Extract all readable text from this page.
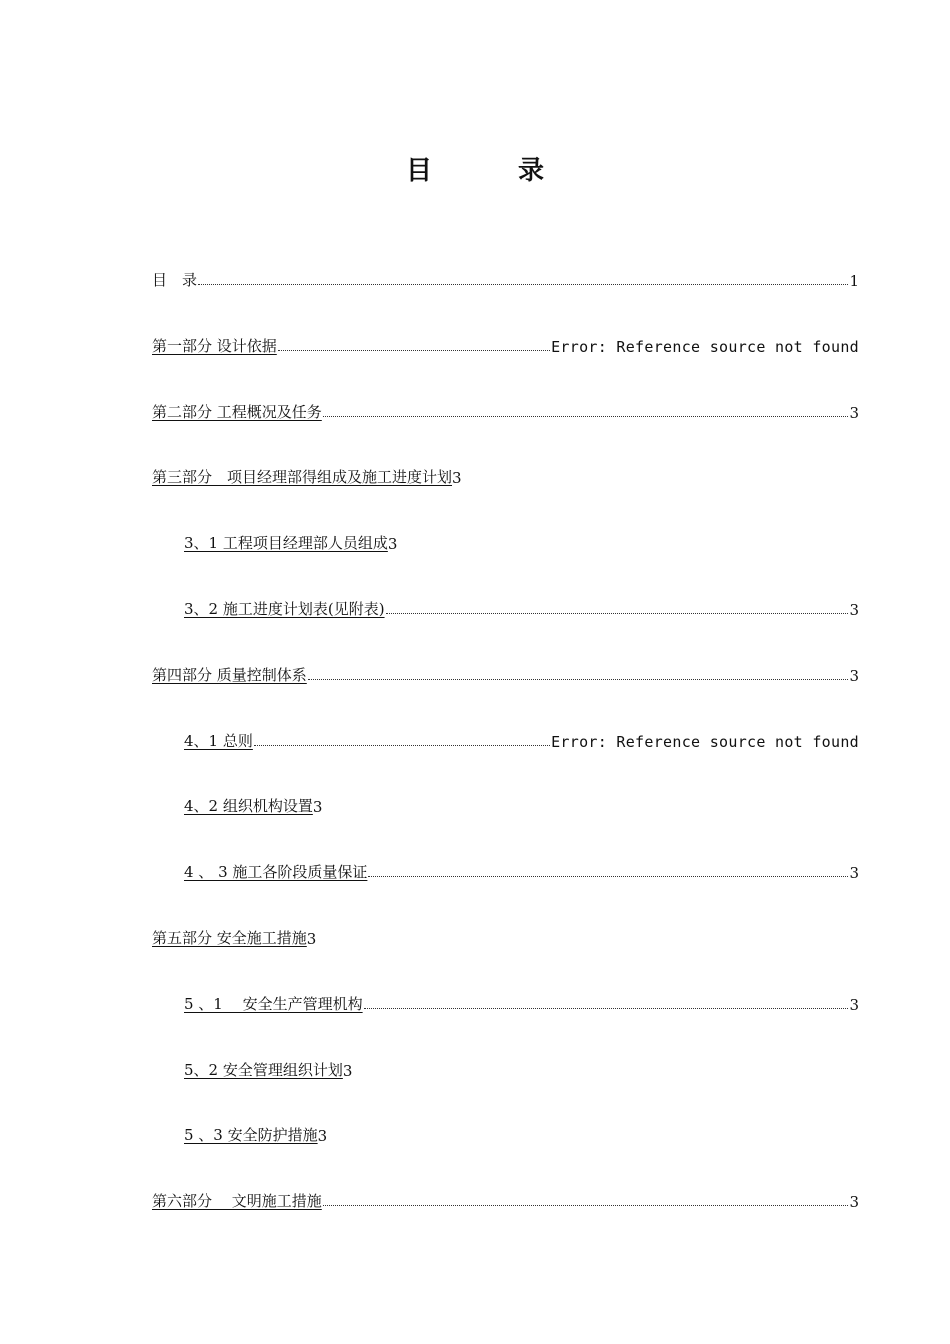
目　录
目　录	1
第一部分 设计依据	Error: Reference source not found
第二部分 工程概况及任务	3
第三部分　项目经理部得组成及施工进度计划 3
3、1 工程项目经理部人员组成 3
3、2 施工进度计划表(见附表)	3
第四部分 质量控制体系	3
4、1 总则	Error: Reference source not found
4、2 组织机构设置 3
4 、 3 施工各阶段质量保证	3
第五部分 安全施工措施 3
5 、1　 安全生产管理机构	3
5、2 安全管理组织计划 3
5 、3 安全防护措施 3
第六部分　 文明施工措施	3
